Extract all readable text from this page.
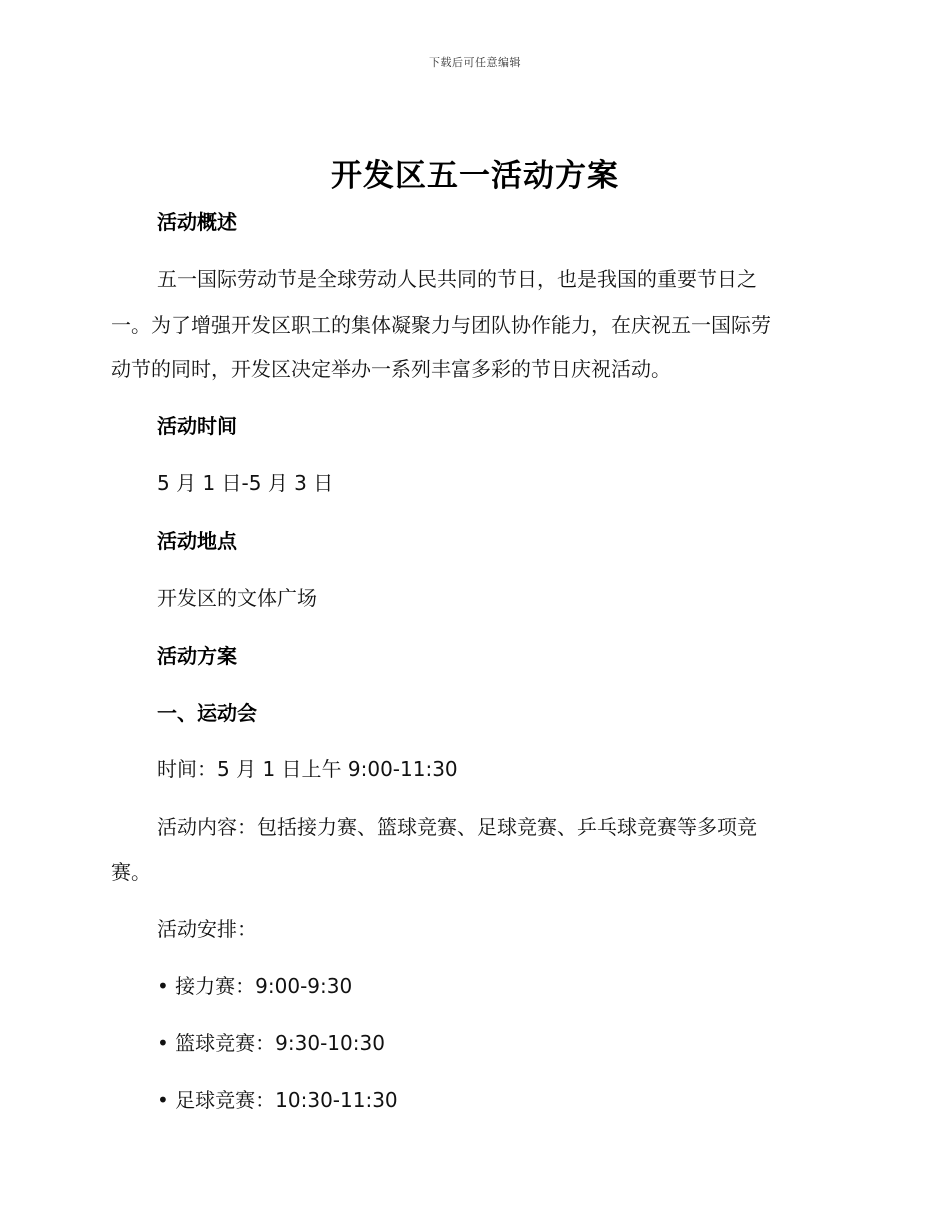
下载后可任意编辑
开发区五一活动方案
活动概述
五一国际劳动节是全球劳动人民共同的节日，也是我国的重要节日之
一。为了增强开发区职工的集体凝聚力与团队协作能力，在庆祝五一国际劳
动节的同时，开发区决定举办一系列丰富多彩的节日庆祝活动。
活动时间
5 月 1 日-5 月 3 日
活动地点
开发区的文体广场
活动方案
一、运动会
时间：5 月 1 日上午 9:00-11:30
活动内容：包括接力赛、篮球竞赛、足球竞赛、乒乓球竞赛等多项竞
赛。
活动安排：
• 接力赛：9:00-9:30
• 篮球竞赛：9:30-10:30
• 足球竞赛：10:30-11:30
